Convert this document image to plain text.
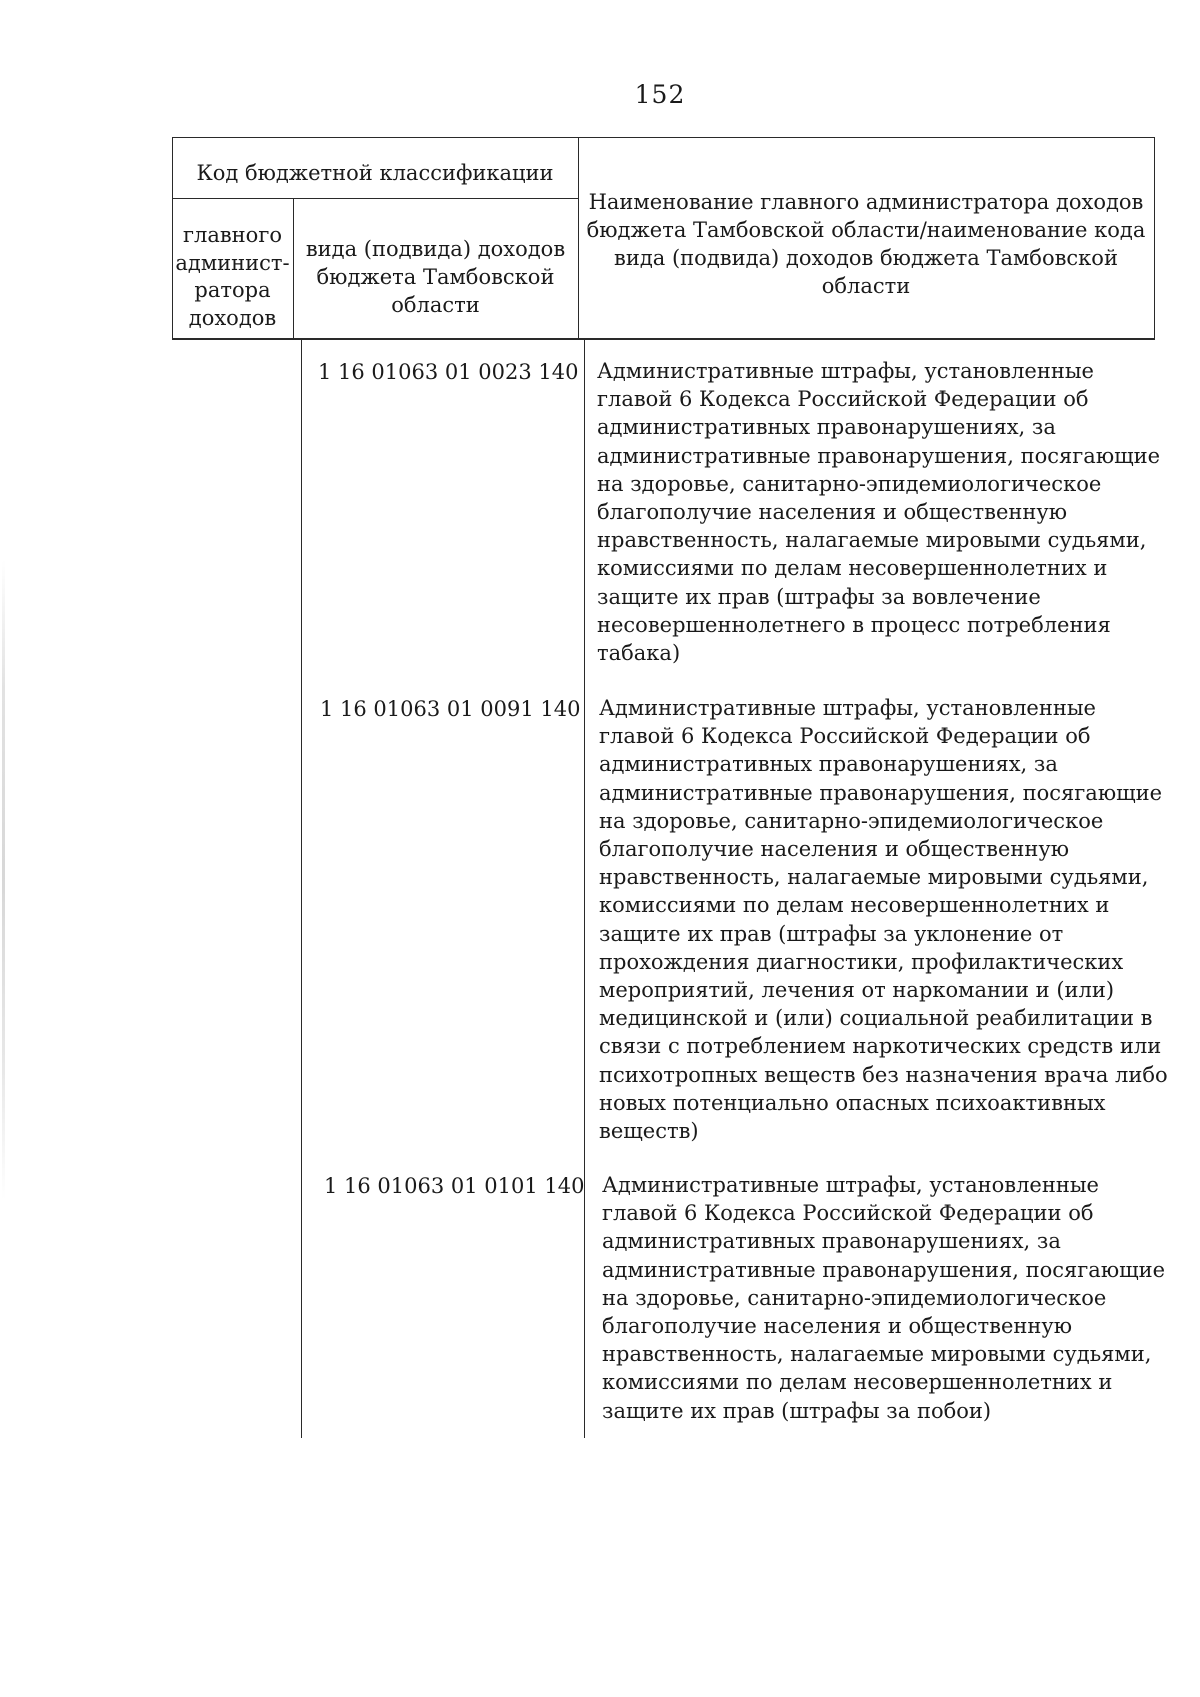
152
Код бюджетной классификации
главного
админист-
ратора
доходов
вида (подвида) доходов
бюджета Тамбовской
области
Наименование главного администратора доходов
бюджета Тамбовской области/наименование кода
вида (подвида) доходов бюджета Тамбовской
области
1 16 01063 01 0023 140 Административные штрафы, установленные
главой 6 Кодекса Российской Федерации об
административных правонарушениях, за
административные правонарушения, посягающие
на здоровье, санитарно-эпидемиологическое
благополучие населения и общественную
нравственность, налагаемые мировыми судьями,
комиссиями по делам несовершеннолетних и
защите их прав (штрафы за вовлечение
несовершеннолетнего в процесс потребления
табака)
1 16 01063 01 0091 140 Административные штрафы, установленные
главой 6 Кодекса Российской Федерации об
административных правонарушениях, за
административные правонарушения, посягающие
на здоровье, санитарно-эпидемиологическое
благополучие населения и общественную
нравственность, налагаемые мировыми судьями,
комиссиями по делам несовершеннолетних и
защите их прав (штрафы за уклонение от
прохождения диагностики, профилактических
мероприятий, лечения от наркомании и (или)
медицинской и (или) социальной реабилитации в
связи с потреблением наркотических средств или
психотропных веществ без назначения врача либо
новых потенциально опасных психоактивных
веществ)
1 16 01063 01 0101 140 Административные штрафы, установленные
главой 6 Кодекса Российской Федерации об
административных правонарушениях, за
административные правонарушения, посягающие
на здоровье, санитарно-эпидемиологическое
благополучие населения и общественную
нравственность, налагаемые мировыми судьями,
комиссиями по делам несовершеннолетних и
защите их прав (штрафы за побои)
